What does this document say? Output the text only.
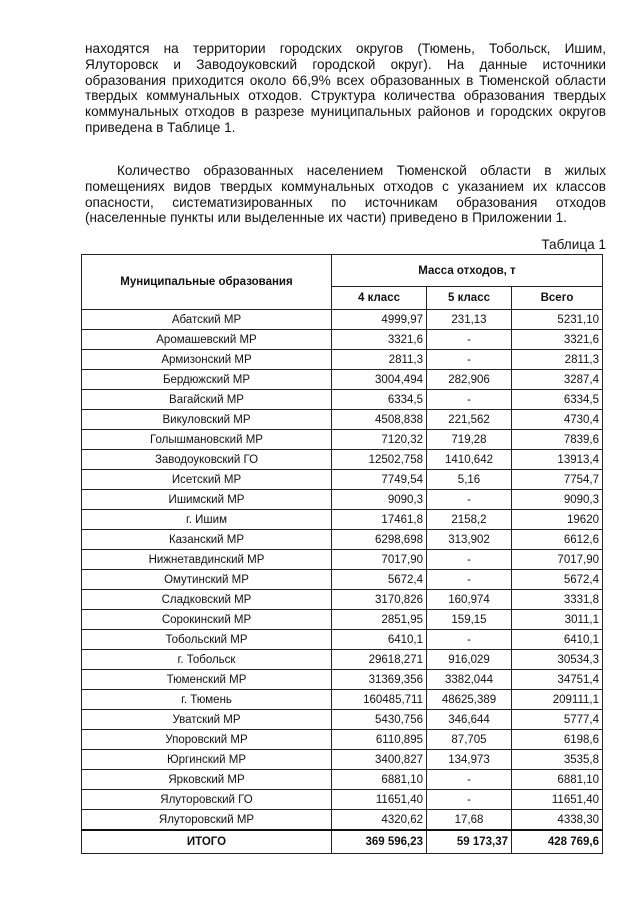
находятся на территории городских округов (Тюмень, Тобольск, Ишим, Ялуторовск и Заводоуковский городской округ). На данные источники образования приходится около 66,9% всех образованных в Тюменской области твердых коммунальных отходов. Структура количества образования твердых коммунальных отходов в разрезе муниципальных районов и городских округов приведена в Таблице 1.

Количество образованных населением Тюменской области в жилых помещениях видов твердых коммунальных отходов с указанием их классов опасности, систематизированных по источникам образования отходов (населенные пункты или выделенные их части) приведено в Приложении 1.

Таблица 1
Муниципальные образования	Масса отходов, т		
	4 класс	5 класс	Всего
Абатский МР	4999,97	231,13	5231,10
Аромашевский МР	3321,6	-	3321,6
Армизонский МР	2811,3	-	2811,3
Бердюжский МР	3004,494	282,906	3287,4
Вагайский МР	6334,5	-	6334,5
Викуловский МР	4508,838	221,562	4730,4
Голышмановский МР	7120,32	719,28	7839,6
Заводоуковский ГО	12502,758	1410,642	13913,4
Исетский МР	7749,54	5,16	7754,7
Ишимский МР	9090,3	-	9090,3
г. Ишим	17461,8	2158,2	19620
Казанский МР	6298,698	313,902	6612,6
Нижнетавдинский МР	7017,90	-	7017,90
Омутинский МР	5672,4	-	5672,4
Сладковский МР	3170,826	160,974	3331,8
Сорокинский МР	2851,95	159,15	3011,1
Тобольский МР	6410,1	-	6410,1
г. Тобольск	29618,271	916,029	30534,3
Тюменский МР	31369,356	3382,044	34751,4
г. Тюмень	160485,711	48625,389	209111,1
Уватский МР	5430,756	346,644	5777,4
Упоровский МР	6110,895	87,705	6198,6
Юргинский МР	3400,827	134,973	3535,8
Ярковский МР	6881,10	-	6881,10
Ялуторовский ГО	11651,40	-	11651,40
Ялуторовский МР	4320,62	17,68	4338,30
ИТОГО	369 596,23	59 173,37	428 769,6
